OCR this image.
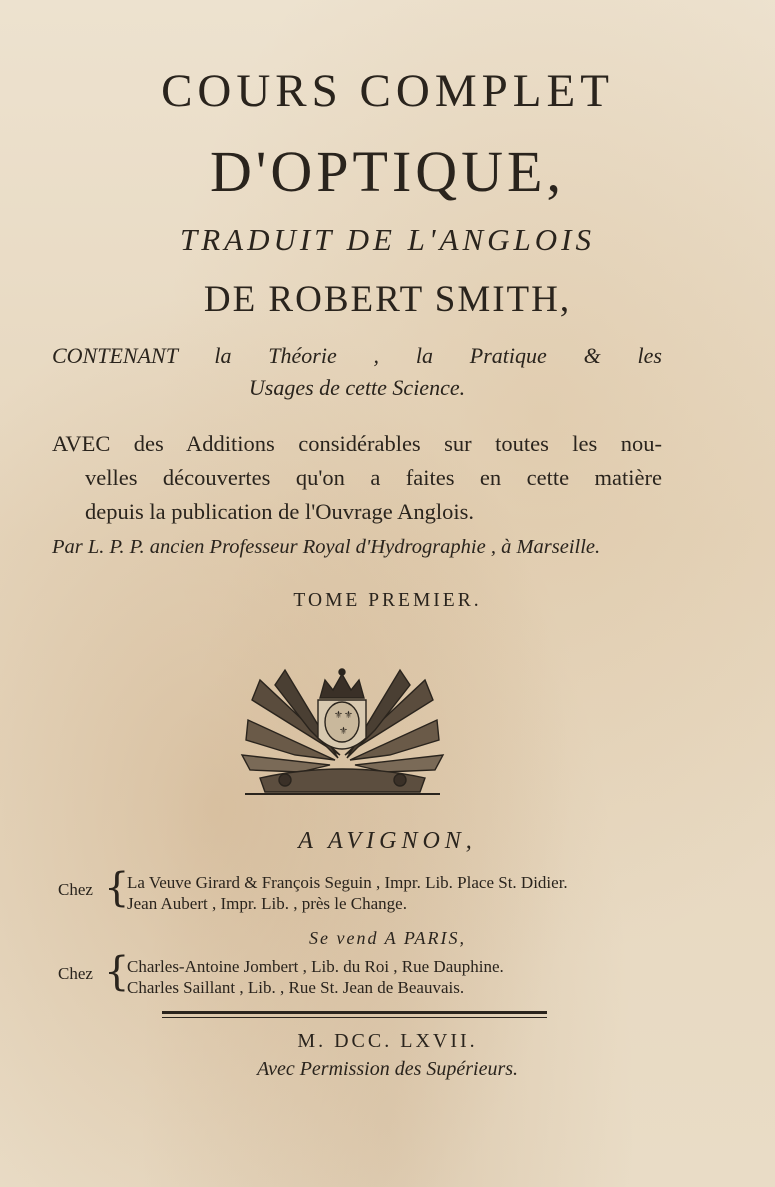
COURS COMPLET
D'OPTIQUE,
TRADUIT DE L'ANGLOIS
DE ROBERT SMITH,
CONTENANT la Théorie , la Pratique & les
Usages de cette Science.
AVEC des Additions considérables sur toutes les nou-
velles découvertes qu'on a faites en cette matière
depuis la publication de l'Ouvrage Anglois.
Par L. P. P. ancien Professeur Royal d'Hydrographie , à Marseille.
TOME PREMIER.
⚜ ⚜
⚜
A AVIGNON,
Chez {
La Veuve Girard & François Seguin , Impr. Lib. Place St. Didier.
Jean Aubert , Impr. Lib. , près le Change.
Se vend A PARIS,
Chez {
Charles-Antoine Jombert , Lib. du Roi , Rue Dauphine.
Charles Saillant , Lib. , Rue St. Jean de Beauvais.
M. DCC. LXVII.
Avec Permission des Supérieurs.
